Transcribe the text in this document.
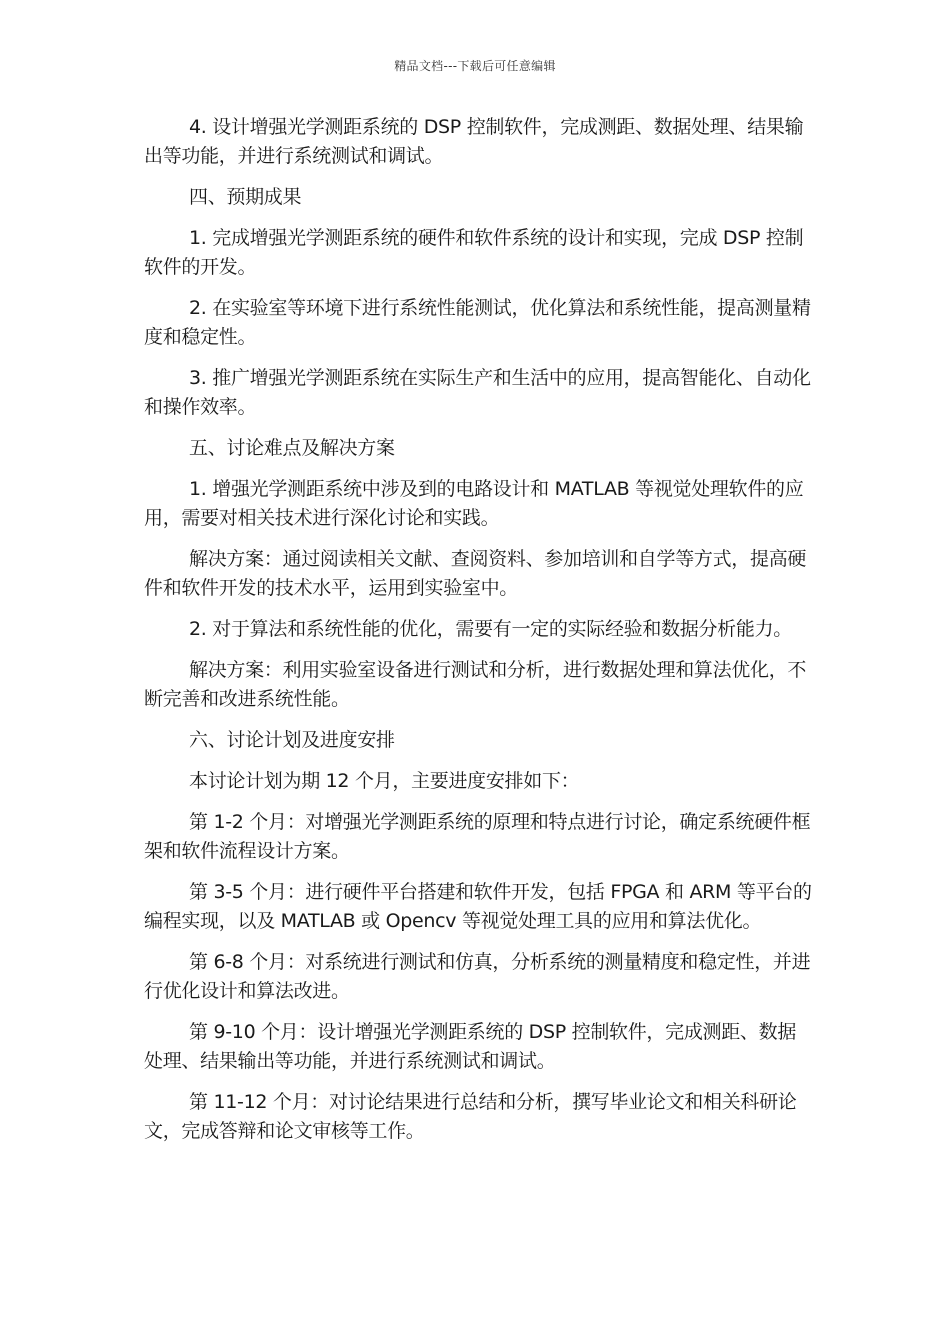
精品文档---下载后可任意编辑

4. 设计增强光学测距系统的 DSP 控制软件，完成测距、数据处理、结果输出等功能，并进行系统测试和调试。

四、预期成果

1. 完成增强光学测距系统的硬件和软件系统的设计和实现，完成 DSP 控制软件的开发。

2. 在实验室等环境下进行系统性能测试，优化算法和系统性能，提高测量精度和稳定性。

3. 推广增强光学测距系统在实际生产和生活中的应用，提高智能化、自动化和操作效率。

五、讨论难点及解决方案

1. 增强光学测距系统中涉及到的电路设计和 MATLAB 等视觉处理软件的应用，需要对相关技术进行深化讨论和实践。

解决方案：通过阅读相关文献、查阅资料、参加培训和自学等方式，提高硬件和软件开发的技术水平，运用到实验室中。

2. 对于算法和系统性能的优化，需要有一定的实际经验和数据分析能力。

解决方案：利用实验室设备进行测试和分析，进行数据处理和算法优化，不断完善和改进系统性能。

六、讨论计划及进度安排

本讨论计划为期 12 个月，主要进度安排如下：

第 1-2 个月：对增强光学测距系统的原理和特点进行讨论，确定系统硬件框架和软件流程设计方案。

第 3-5 个月：进行硬件平台搭建和软件开发，包括 FPGA 和 ARM 等平台的编程实现，以及 MATLAB 或 Opencv 等视觉处理工具的应用和算法优化。

第 6-8 个月：对系统进行测试和仿真，分析系统的测量精度和稳定性，并进行优化设计和算法改进。

第 9-10 个月：设计增强光学测距系统的 DSP 控制软件，完成测距、数据处理、结果输出等功能，并进行系统测试和调试。

第 11-12 个月：对讨论结果进行总结和分析，撰写毕业论文和相关科研论文，完成答辩和论文审核等工作。
